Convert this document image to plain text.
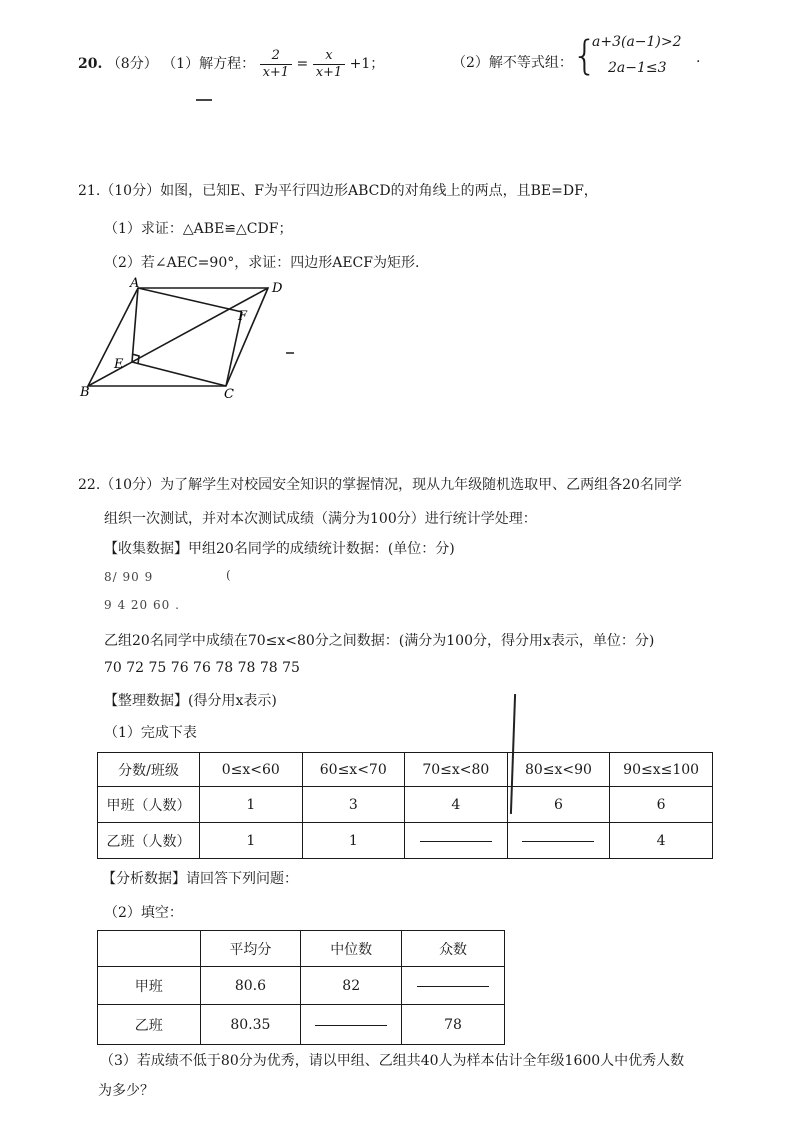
20. （8分） （1）解方程： $\frac{2}{x+1} = \frac{x}{x+1} +1$；	（2）解不等式组： {
a+3(a−1)>2
2a−1≤3
.
21.（10分）如图，已知E、F为平行四边形ABCD的对角线上的两点，且BE=DF，
（1）求证：△ABE≌△CDF；
（2）若∠AEC=90°，求证：四边形AECF为矩形.
A	D
F
E
B	C
22.（10分）为了解学生对校园安全知识的掌握情况，现从九年级随机选取甲、乙两组各20名同学
组织一次测试，并对本次测试成绩（满分为100分）进行统计学处理：
【收集数据】甲组20名同学的成绩统计数据：(单位：分)
8/ 90 9	(
9 4 20 60 .
乙组20名同学中成绩在70≤x<80分之间数据：(满分为100分，得分用x表示，单位：分)
70 72 75 76 76 78 78 78 75
【整理数据】(得分用x表示)
（1）完成下表
分数/班级	0≤x<60	60≤x<70	70≤x<80	80≤x<90	90≤x≤100
甲班（人数）	1	3	4	6	6
乙班（人数）	1	1			4
【分析数据】请回答下列问题：
（2）填空：
	平均分	中位数	众数
甲班	80.6	82	
乙班	80.35		78
（3）若成绩不低于80分为优秀，请以甲组、乙组共40人为样本估计全年级1600人中优秀人数
为多少？
